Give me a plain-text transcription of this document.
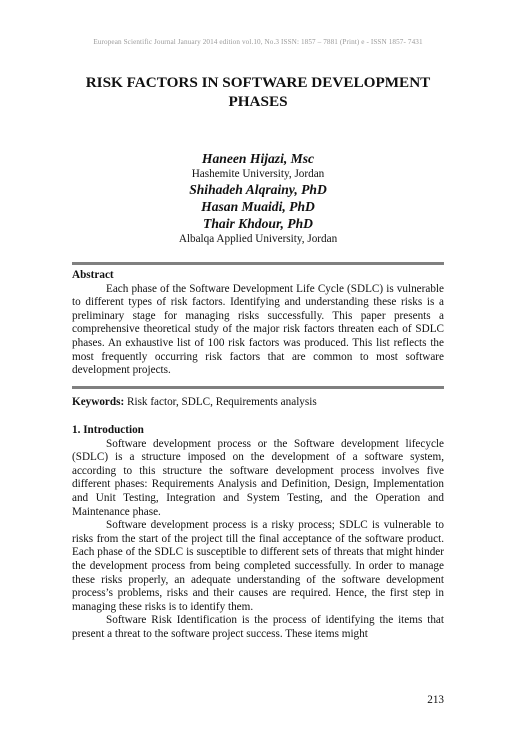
European Scientific Journal January 2014 edition vol.10, No.3 ISSN: 1857 – 7881 (Print) e - ISSN 1857- 7431
RISK FACTORS IN SOFTWARE DEVELOPMENT
PHASES
Haneen Hijazi, Msc
Hashemite University, Jordan
Shihadeh Alqrainy, PhD
Hasan Muaidi, PhD
Thair Khdour, PhD
Albalqa Applied University, Jordan
Abstract

Each phase of the Software Development Life Cycle (SDLC) is vulnerable to different types of risk factors. Identifying and understanding these risks is a preliminary stage for managing risks successfully. This paper presents a comprehensive theoretical study of the major risk factors threaten each of SDLC phases. An exhaustive list of 100 risk factors was produced. This list reflects the most frequently occurring risk factors that are common to most software development projects.

Keywords: Risk factor, SDLC, Requirements analysis
1. Introduction

Software development process or the Software development lifecycle (SDLC) is a structure imposed on the development of a software system, according to this structure the software development process involves five different phases: Requirements Analysis and Definition, Design, Implementation and Unit Testing, Integration and System Testing, and the Operation and Maintenance phase.

Software development process is a risky process; SDLC is vulnerable to risks from the start of the project till the final acceptance of the software product. Each phase of the SDLC is susceptible to different sets of threats that might hinder the development process from being completed successfully. In order to manage these risks properly, an adequate understanding of the software development process’s problems, risks and their causes are required. Hence, the first step in managing these risks is to identify them.

Software Risk Identification is the process of identifying the items that present a threat to the software project success. These items might

213
